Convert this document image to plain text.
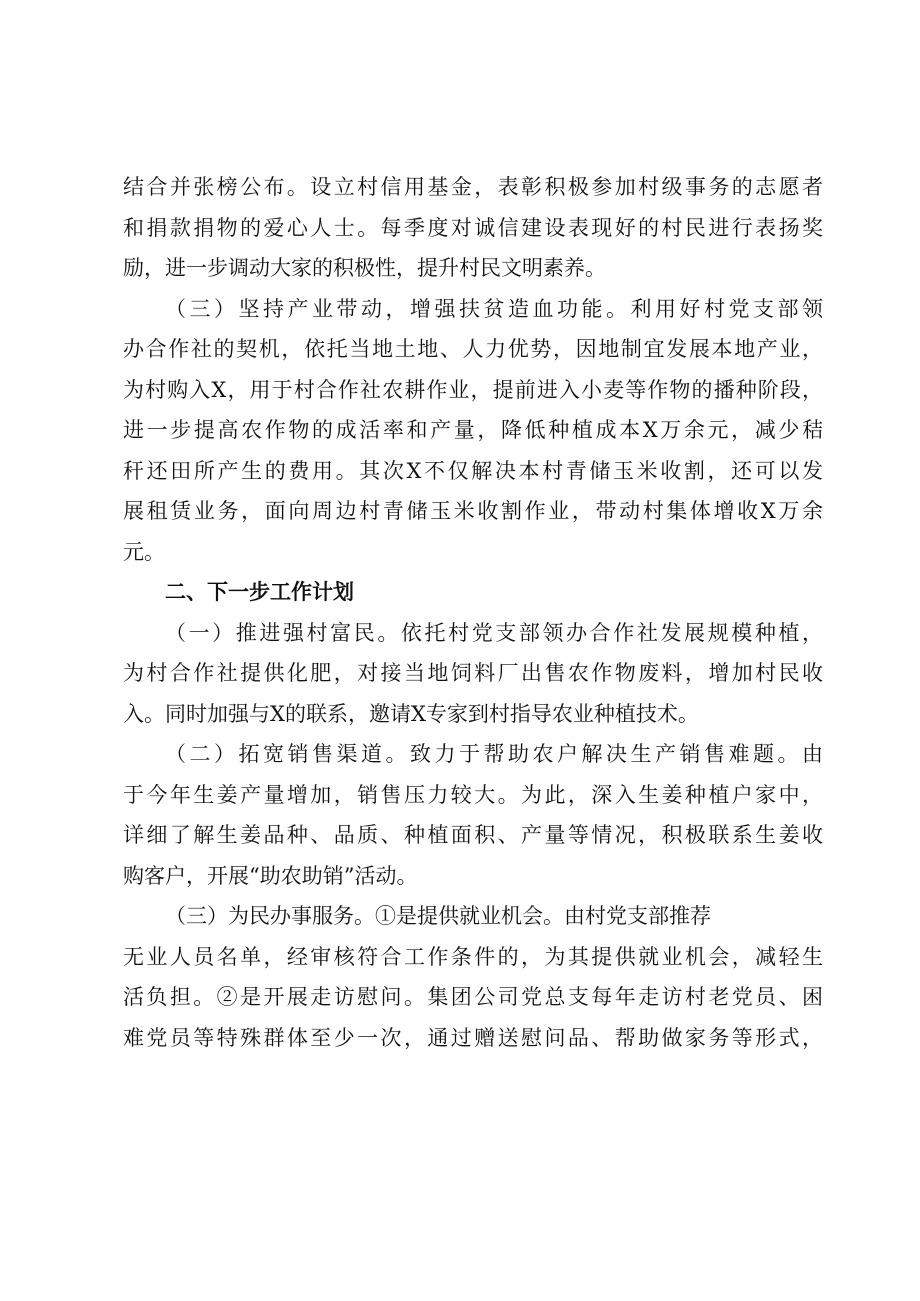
结合并张榜公布。设立村信用基金，表彰积极参加村级事务的志愿者
和捐款捐物的爱心人士。每季度对诚信建设表现好的村民进行表扬奖
励，进一步调动大家的积极性，提升村民文明素养。
（三）坚持产业带动，增强扶贫造血功能。利用好村党支部领
办合作社的契机，依托当地土地、人力优势，因地制宜发展本地产业，
为村购入X，用于村合作社农耕作业，提前进入小麦等作物的播种阶段，
进一步提高农作物的成活率和产量，降低种植成本X万余元，减少秸
秆还田所产生的费用。其次X不仅解决本村青储玉米收割，还可以发
展租赁业务，面向周边村青储玉米收割作业，带动村集体增收X万余
元。
二、下一步工作计划
（一）推进强村富民。依托村党支部领办合作社发展规模种植，
为村合作社提供化肥，对接当地饲料厂出售农作物废料，增加村民收
入。同时加强与X的联系，邀请X专家到村指导农业种植技术。
（二）拓宽销售渠道。致力于帮助农户解决生产销售难题。由
于今年生姜产量增加，销售压力较大。为此，深入生姜种植户家中，
详细了解生姜品种、品质、种植面积、产量等情况，积极联系生姜收
购客户，开展“助农助销”活动。
（三）为民办事服务。①是提供就业机会。由村党支部推荐
无业人员名单，经审核符合工作条件的，为其提供就业机会，减轻生
活负担。②是开展走访慰问。集团公司党总支每年走访村老党员、困
难党员等特殊群体至少一次，通过赠送慰问品、帮助做家务等形式，
